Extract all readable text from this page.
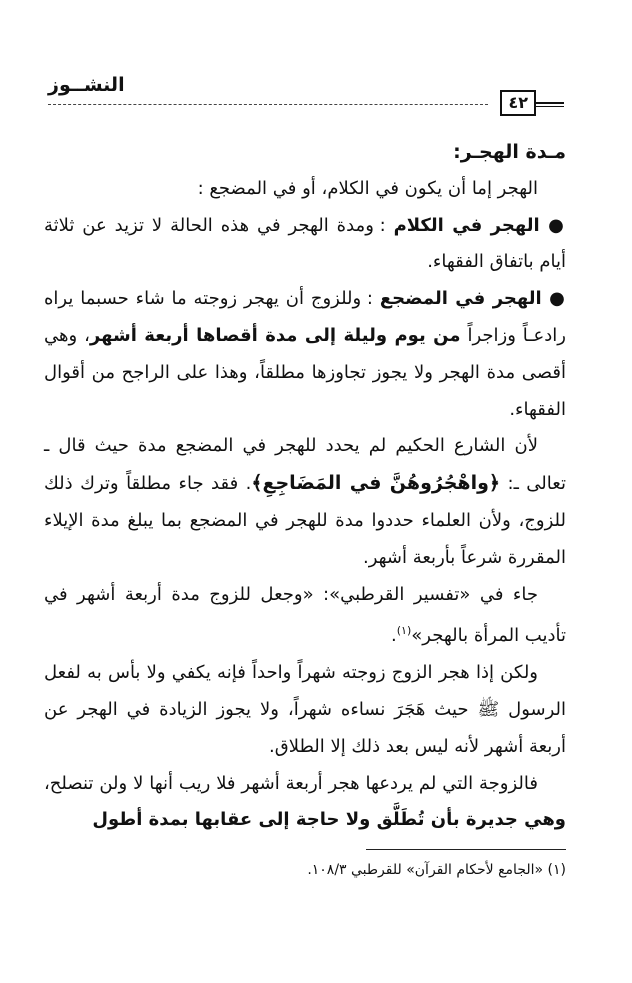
النشــوز
٤٢

مـدة الهجـر:

الهجر إما أن يكون في الكلام، أو في المضجع :

● الهجر في الكلام : ومدة الهجر في هذه الحالة لا تزيد عن ثلاثة أيام باتفاق الفقهاء.

● الهجر في المضجع : وللزوج أن يهجر زوجته ما شاء حسبما يراه رادعـاً وزاجراً من يوم وليلة إلى مدة أقصاها أربعة أشهر، وهي أقصى مدة الهجر ولا يجوز تجاوزها مطلقاً، وهذا على الراجح من أقوال الفقهاء.

لأن الشارع الحكيم لم يحدد للهجر في المضجع مدة حيث قال ـ تعالى ـ: ﴿واهْجُرُوهُنَّ في المَضَاجِعِ﴾. فقد جاء مطلقاً وترك ذلك للزوج، ولأن العلماء حددوا مدة للهجر في المضجع بما يبلغ مدة الإيلاء المقررة شرعاً بأربعة أشهر.

جاء في «تفسير القرطبي»: «وجعل للزوج مدة أربعة أشهر في تأديب المرأة بالهجر»$^{(١)}$.

ولكن إذا هجر الزوج زوجته شهراً واحداً فإنه يكفي ولا بأس به لفعل الرسول ﷺ حيث هَجَرَ نساءه شهراً، ولا يجوز الزيادة في الهجر عن أربعة أشهر لأنه ليس بعد ذلك إلا الطلاق.

فالزوجة التي لم يردعها هجر أربعة أشهر فلا ريب أنها لا ولن تنصلح، وهي جديرة بأن تُطَلَّق ولا حاجة إلى عقابها بمدة أطول

(١) «الجامع لأحكام القرآن» للقرطبي ١٠٨/٣.
